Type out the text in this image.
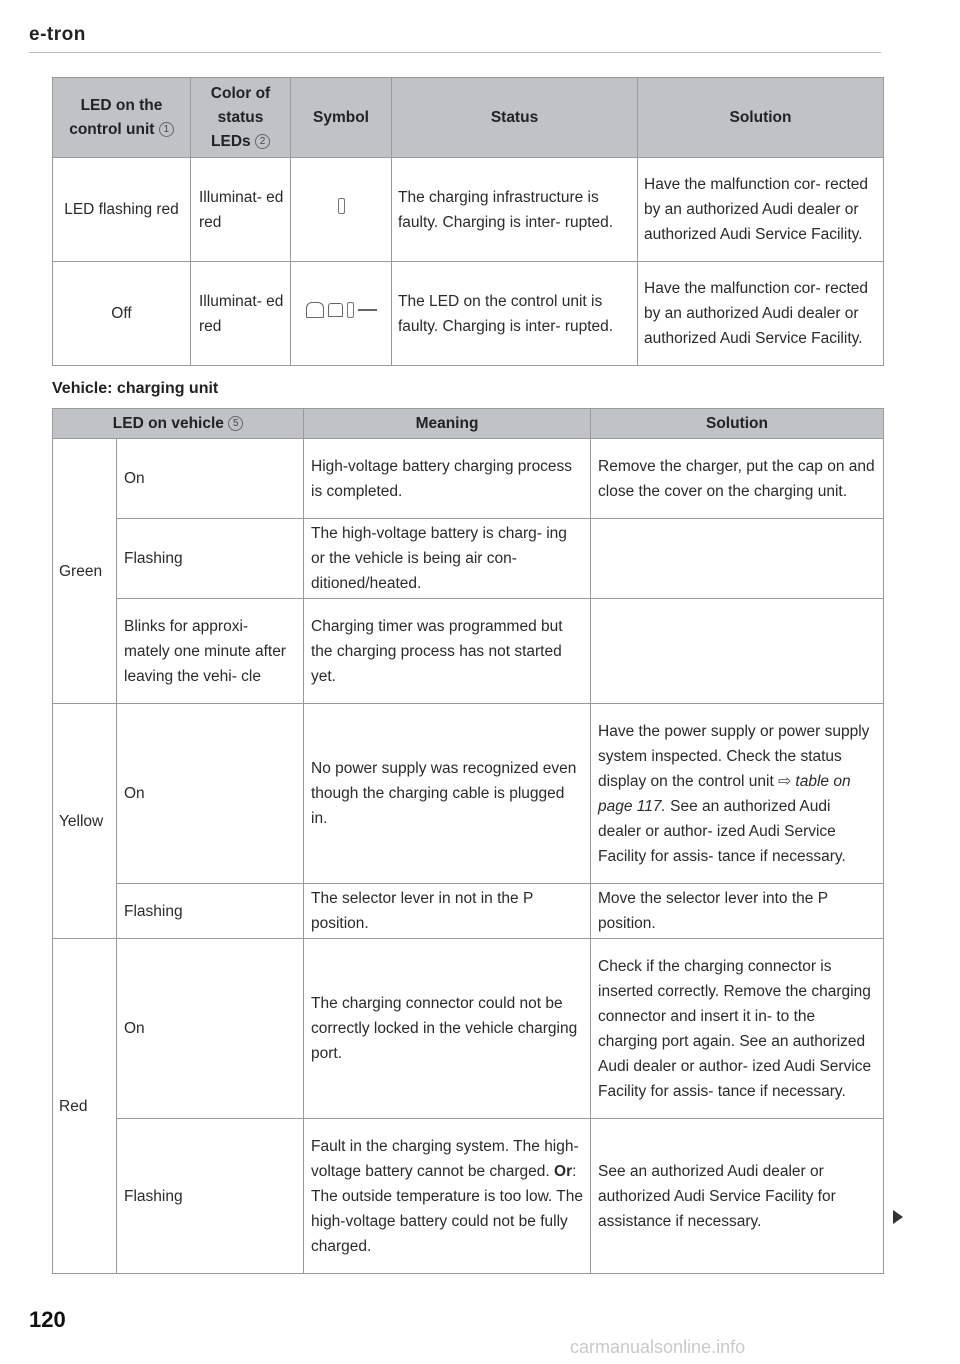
e-tron
LED on the control unit 1	Color of status LEDs 2	Symbol	Status	Solution
LED flashing red	Illuminat- ed red		The charging infrastructure is faulty. Charging is inter- rupted.	Have the malfunction cor- rected by an authorized Audi dealer or authorized Audi Service Facility.
Off	Illuminat- ed red		The LED on the control unit is faulty. Charging is inter- rupted.	Have the malfunction cor- rected by an authorized Audi dealer or authorized Audi Service Facility.
Vehicle: charging unit
LED on vehicle 5		Meaning	Solution
Green	On	High-voltage battery charging process is completed.	Remove the charger, put the cap on and close the cover on the charging unit.
	Flashing	The high-voltage battery is charg- ing or the vehicle is being air con- ditioned/heated.	
	Blinks for approxi- mately one minute after leaving the vehi- cle	Charging timer was programmed but the charging process has not started yet.	
Yellow	On	No power supply was recognized even though the charging cable is plugged in.	Have the power supply or power supply system inspected. Check the status display on the control unit ⇨ table on page 117. See an authorized Audi dealer or author- ized Audi Service Facility for assis- tance if necessary.
	Flashing	The selector lever in not in the P position.	Move the selector lever into the P position.
Red	On	The charging connector could not be correctly locked in the vehicle charging port.	Check if the charging connector is inserted correctly. Remove the charging connector and insert it in- to the charging port again. See an authorized Audi dealer or author- ized Audi Service Facility for assis- tance if necessary.
	Flashing	Fault in the charging system. The high-voltage battery cannot be charged. Or: The outside temperature is too low. The high-voltage battery could not be fully charged.	See an authorized Audi dealer or authorized Audi Service Facility for assistance if necessary.
120
carmanualsonline.info
